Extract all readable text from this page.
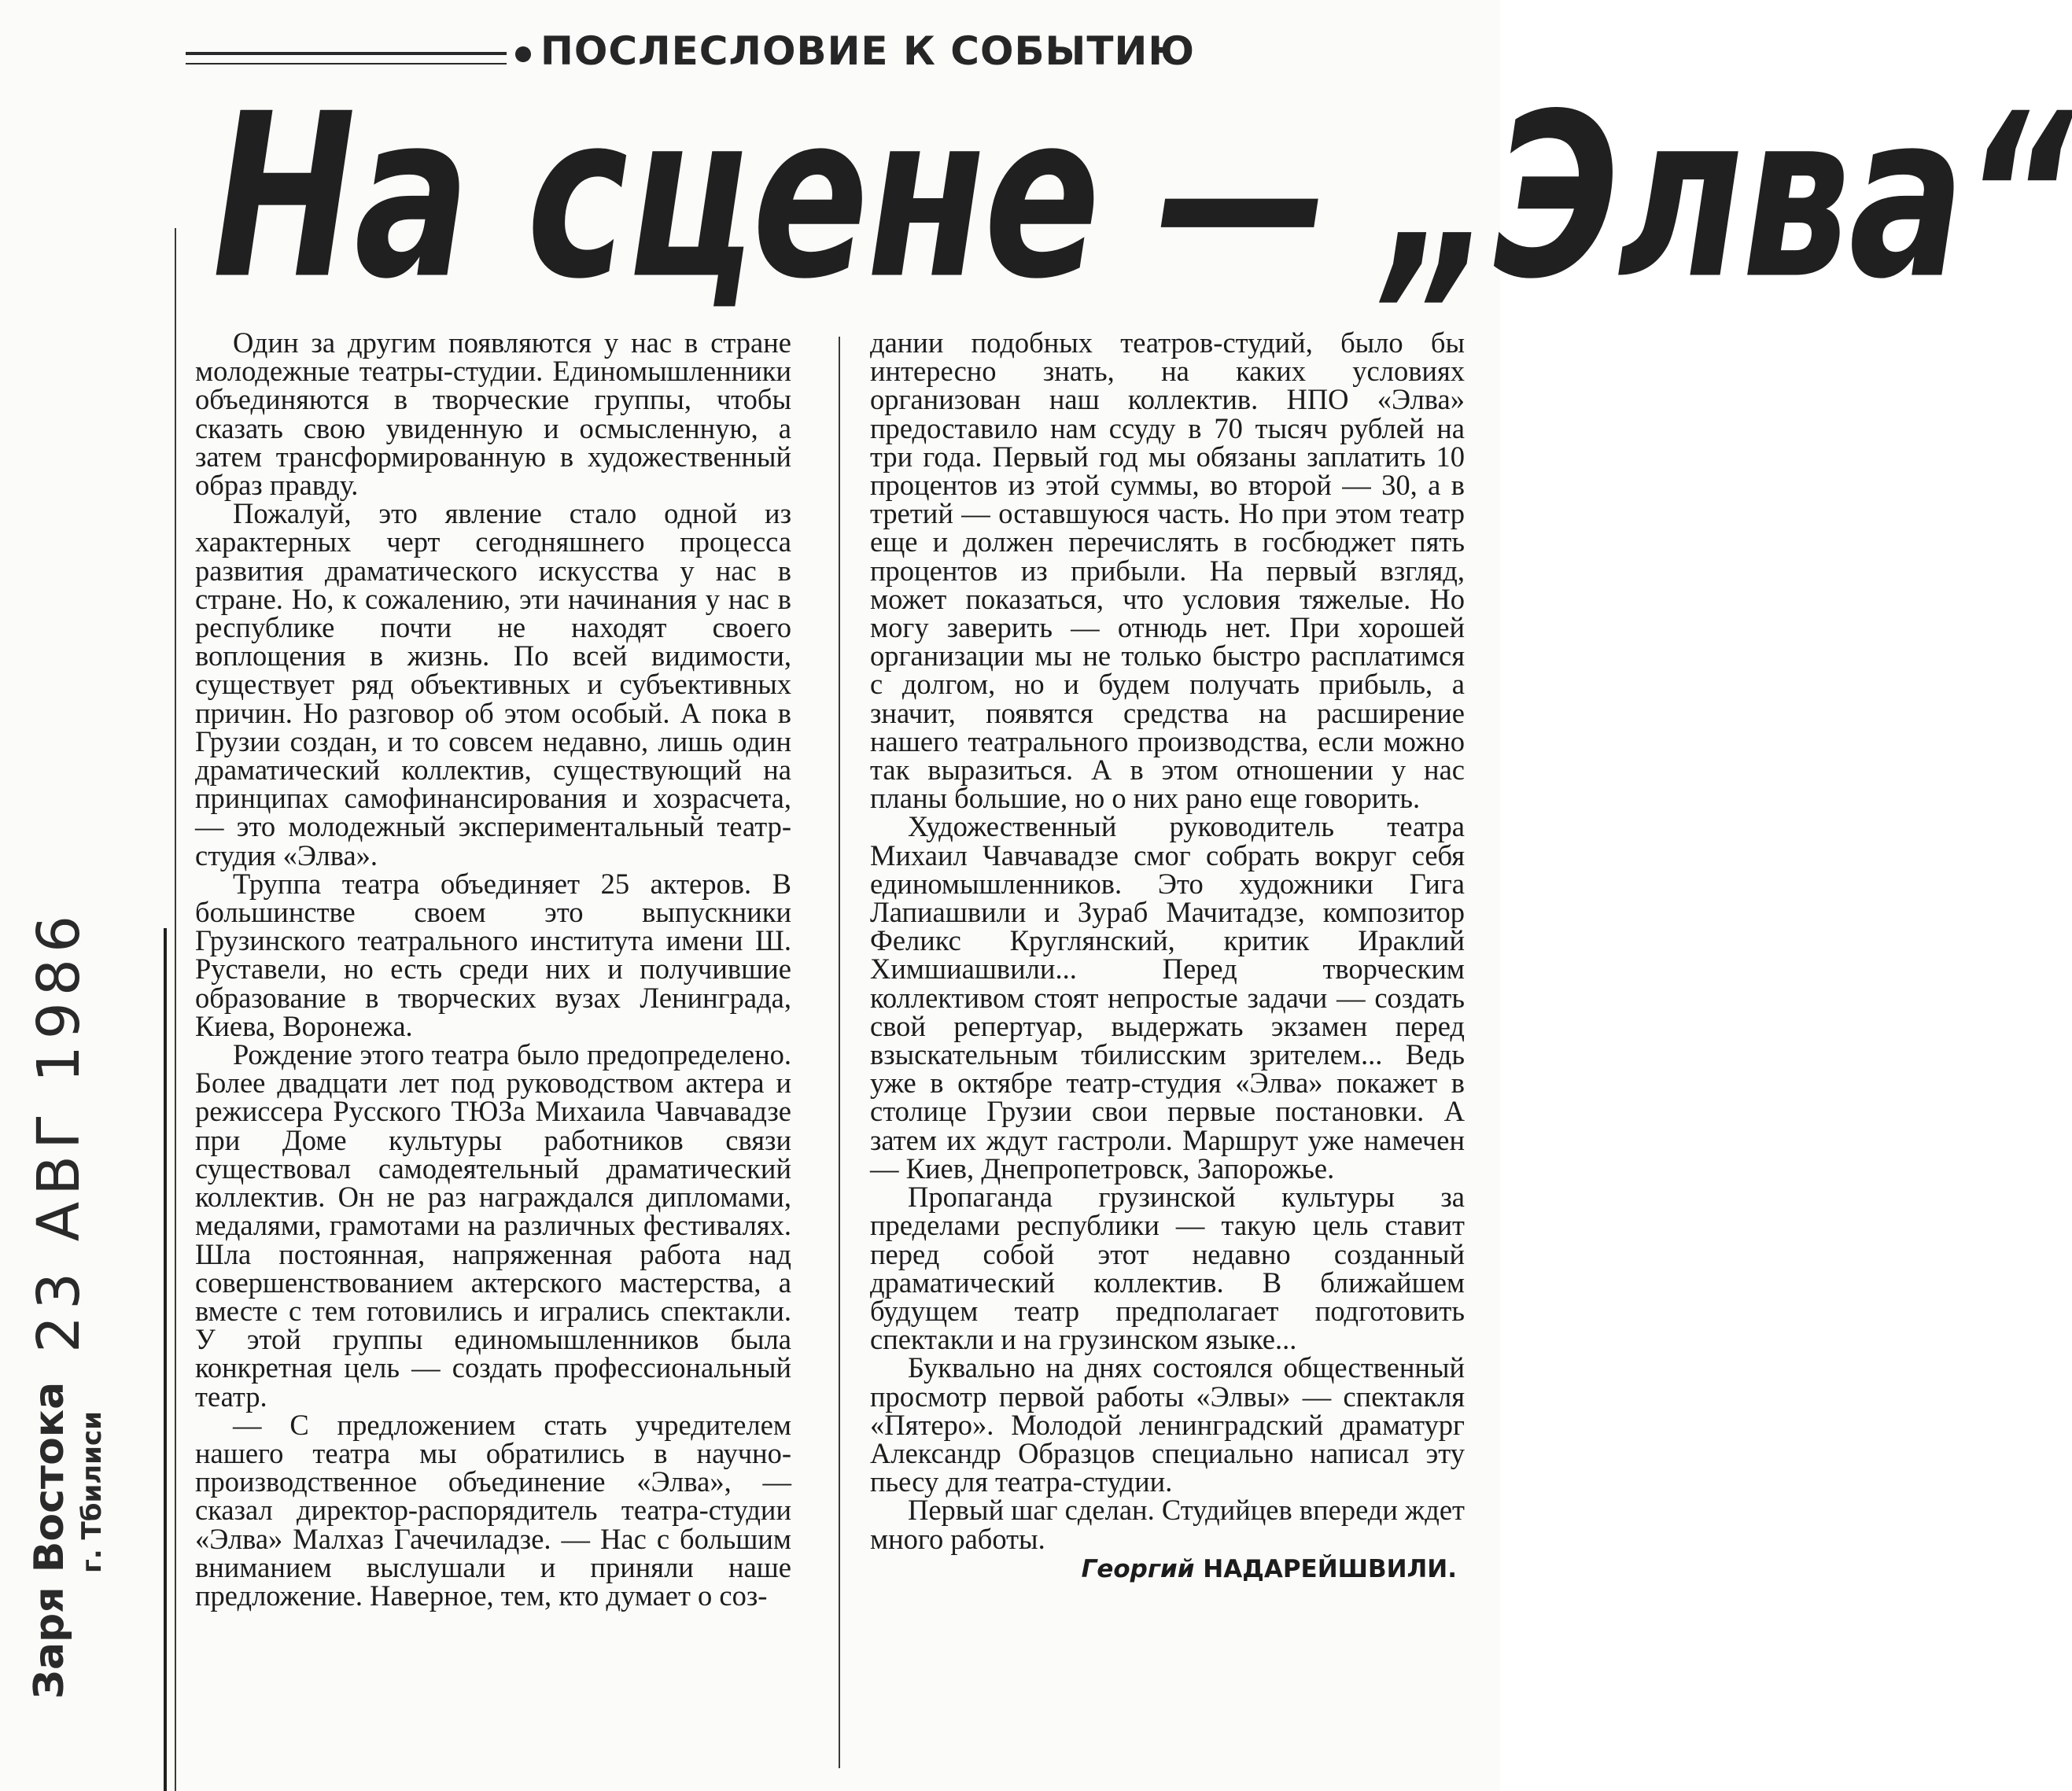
ПОСЛЕСЛОВИЕ К СОБЫТИЮ
На сцене — „Элва“
23 АВГ 1986
Заря Востока г. Тбилиси

Один за другим появляются у нас в стране молодежные театры-студии. Единомышленники объединяются в творческие группы, чтобы сказать свою увиденную и осмысленную, а затем трансформированную в художественный образ правду.

Пожалуй, это явление стало одной из характерных черт сегодняшнего процесса развития драматического искусства у нас в стране. Но, к сожалению, эти начинания у нас в республике почти не находят своего воплощения в жизнь. По всей видимости, существует ряд объективных и субъективных причин. Но разговор об этом особый. А пока в Грузии создан, и то совсем недавно, лишь один драматический коллектив, существующий на принципах самофинансирования и хозрасчета, — это молодежный экспериментальный театр-студия «Элва».

Труппа театра объединяет 25 актеров. В большинстве своем это выпускники Грузинского театрального института имени Ш. Руставели, но есть среди них и получившие образование в творческих вузах Ленинграда, Киева, Воронежа.

Рождение этого театра было предопределено. Более двадцати лет под руководством актера и режиссера Русского ТЮЗа Михаила Чавчавадзе при Доме культуры работников связи существовал самодеятельный драматический коллектив. Он не раз награждался дипломами, медалями, грамотами на различных фестивалях. Шла постоянная, напряженная работа над совершенствованием актерского мастерства, а вместе с тем готовились и игрались спектакли. У этой группы единомышленников была конкретная цель — создать профессиональный театр.

— С предложением стать учредителем нашего театра мы обратились в научно-производственное объединение «Элва», — сказал директор-распорядитель театра-студии «Элва» Малхаз Гачечиладзе. — Нас с большим вниманием выслушали и приняли наше предложение. Наверное, тем, кто думает о соз-

дании подобных театров-студий, было бы интересно знать, на каких условиях организован наш коллектив. НПО «Элва» предоставило нам ссуду в 70 тысяч рублей на три года. Первый год мы обязаны заплатить 10 процентов из этой суммы, во второй — 30, а в третий — оставшуюся часть. Но при этом театр еще и должен перечислять в госбюджет пять процентов из прибыли. На первый взгляд, может показаться, что условия тяжелые. Но могу заверить — отнюдь нет. При хорошей организации мы не только быстро расплатимся с долгом, но и будем получать прибыль, а значит, появятся средства на расширение нашего театрального производства, если можно так выразиться. А в этом отношении у нас планы большие, но о них рано еще говорить.

Художественный руководитель театра Михаил Чавчавадзе смог собрать вокруг себя единомышленников. Это художники Гига Лапиашвили и Зураб Мачитадзе, композитор Феликс Круглянский, критик Ираклий Химшиашвили... Перед творческим коллективом стоят непростые задачи — создать свой репертуар, выдержать экзамен перед взыскательным тбилисским зрителем... Ведь уже в октябре театр-студия «Элва» покажет в столице Грузии свои первые постановки. А затем их ждут гастроли. Маршрут уже намечен — Киев, Днепропетровск, Запорожье.

Пропаганда грузинской культуры за пределами республики — такую цель ставит перед собой этот недавно созданный драматический коллектив. В ближайшем будущем театр предполагает подготовить спектакли и на грузинском языке...

Буквально на днях состоялся общественный просмотр первой работы «Элвы» — спектакля «Пятеро». Молодой ленинградский драматург Александр Образцов специально написал эту пьесу для театра-студии.

Первый шаг сделан. Студийцев впереди ждет много работы.

Георгий НАДАРЕЙШВИЛИ.
